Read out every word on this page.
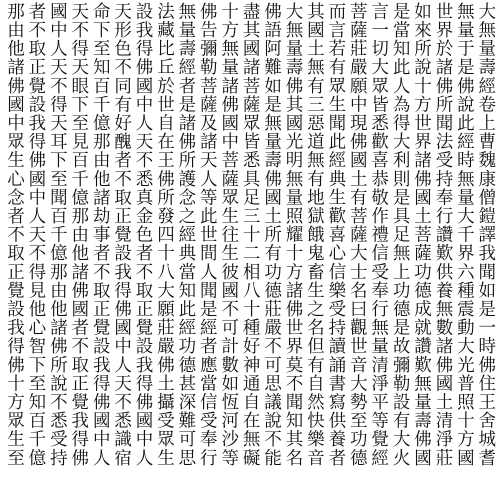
大無量壽經卷上曹魏康僧鎧譯我聞如是一時佛住王舍城耆
無量于是佛說此經時無量大千界六種震動大光普照十方國
世界於諸佛所聞法受持奉行讚歎供養無數諸佛國土清淨莊
如來所說十方世界諸佛國土菩薩功德成就讚歎無量壽佛國
是當知此人為得大利則是具足無上功德是故彌勒設有大火
言一切大眾皆悉歡喜恭敬作禮信受奉行無量清淨平等覺經
菩薩莊嚴願中現佛國土有菩薩大士名曰觀世音大勢至功德
而言若有眾生聞此經典生歡喜心信樂受持讀誦書寫供養者
其國土無有三惡道無有地獄餓鬼畜生之名但有自然快樂音
大無量壽佛其國光明無量照耀十方諸佛世界莫不聞知其名
佛語阿難如是無量壽佛國土所有功德莊嚴不可思議說不能
盡其國諸菩薩眾皆悉具足三十二相八十種好神通自在無礙
十方無量諸佛國中菩薩眾生往生彼國不可計數如恆河沙等
佛告彌勒菩薩及諸天人等此世間人聞是經者應當信受奉行
無量壽經者是諸佛所護念之經典當知此經功德甚深難可思
法藏比丘於世自在王佛所發四十八大願莊嚴佛土攝受眾生
設我得佛國中人天不悉真金色者不取正覺設我得佛國中人
天形色不同有好醜者不取正覺設我得佛國中人天不悉識宿
命下至知百千億那由他諸劫事者不取正覺設我得佛國中人
天不得天眼下至見百千億那由他諸佛國者不取正覺我得佛
國中人天不得天耳下至聞百千億那由他諸佛所說不悉受持
者不取正覺設我得佛國中人天不得見他心智下至知百千億
那由他諸佛國中眾生心念者不取正覺設我得佛十方眾生至
